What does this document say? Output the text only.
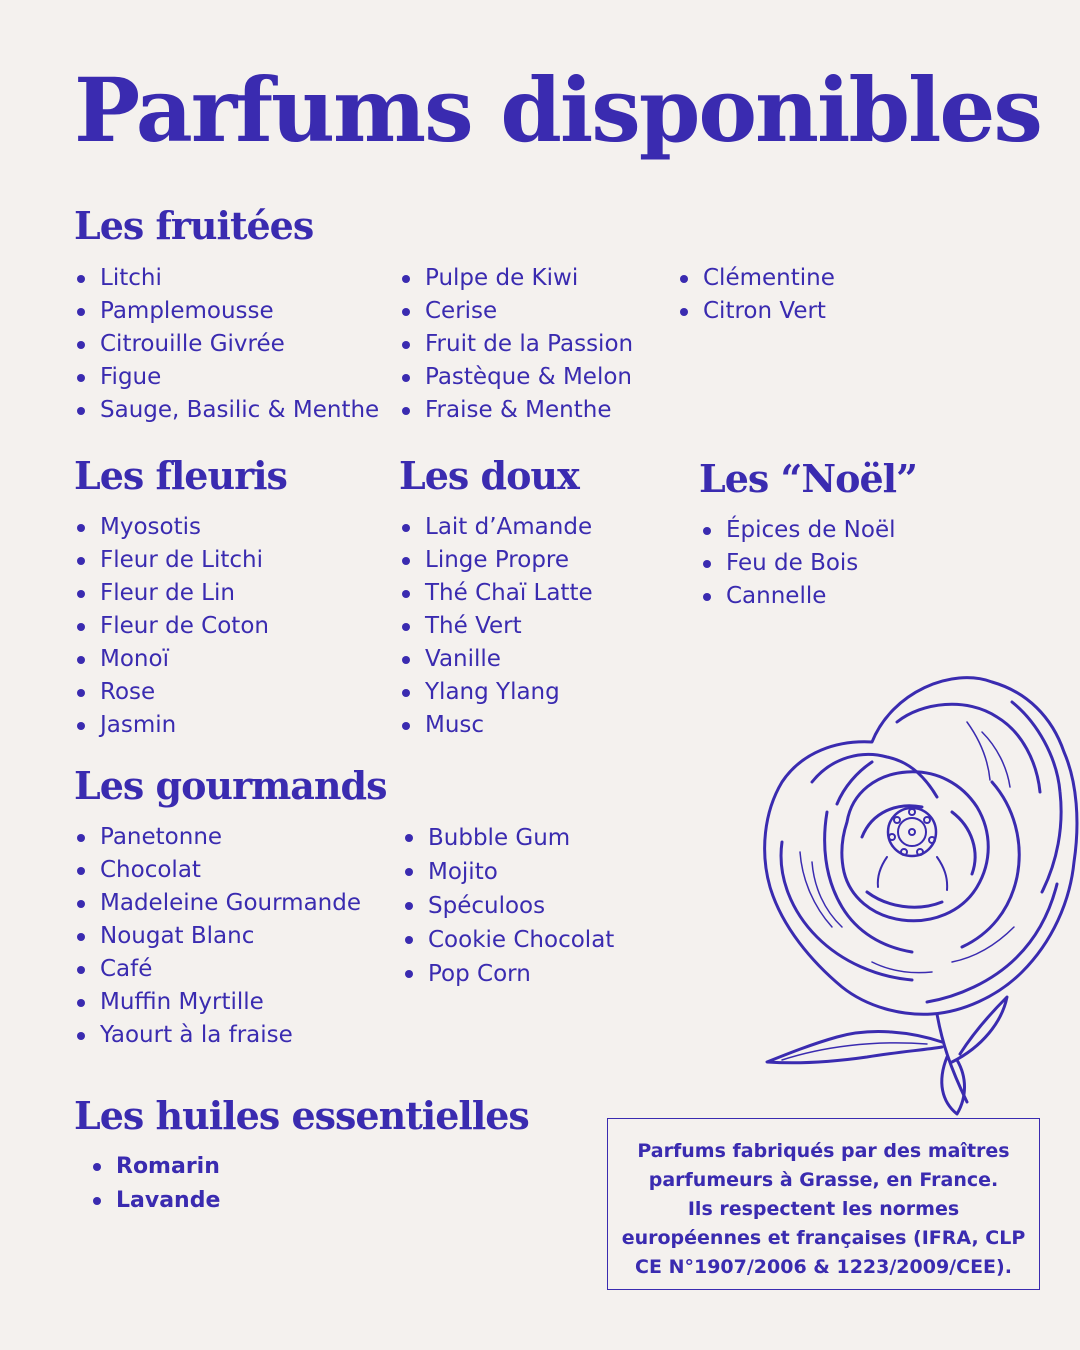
Parfums disponibles
Les fruitées
Litchi
Pamplemousse
Citrouille Givrée
Figue
Sauge, Basilic & Menthe
Pulpe de Kiwi
Cerise
Fruit de la Passion
Pastèque & Melon
Fraise & Menthe
Clémentine
Citron Vert
Les fleuris
Myosotis
Fleur de Litchi
Fleur de Lin
Fleur de Coton
Monoï
Rose
Jasmin
Les doux
Lait d’Amande
Linge Propre
Thé Chaï Latte
Thé Vert
Vanille
Ylang Ylang
Musc
Les “Noël”
Épices de Noël
Feu de Bois
Cannelle
Les gourmands
Panetonne
Chocolat
Madeleine Gourmande
Nougat Blanc
Café
Muffin Myrtille
Yaourt à la fraise
Bubble Gum
Mojito
Spéculoos
Cookie Chocolat
Pop Corn
Les huiles essentielles
Romarin
Lavande
Parfums fabriqués par des maîtres
parfumeurs à Grasse, en France.
Ils respectent les normes
européennes et françaises (IFRA, CLP
CE N°1907/2006 & 1223/2009/CEE).
